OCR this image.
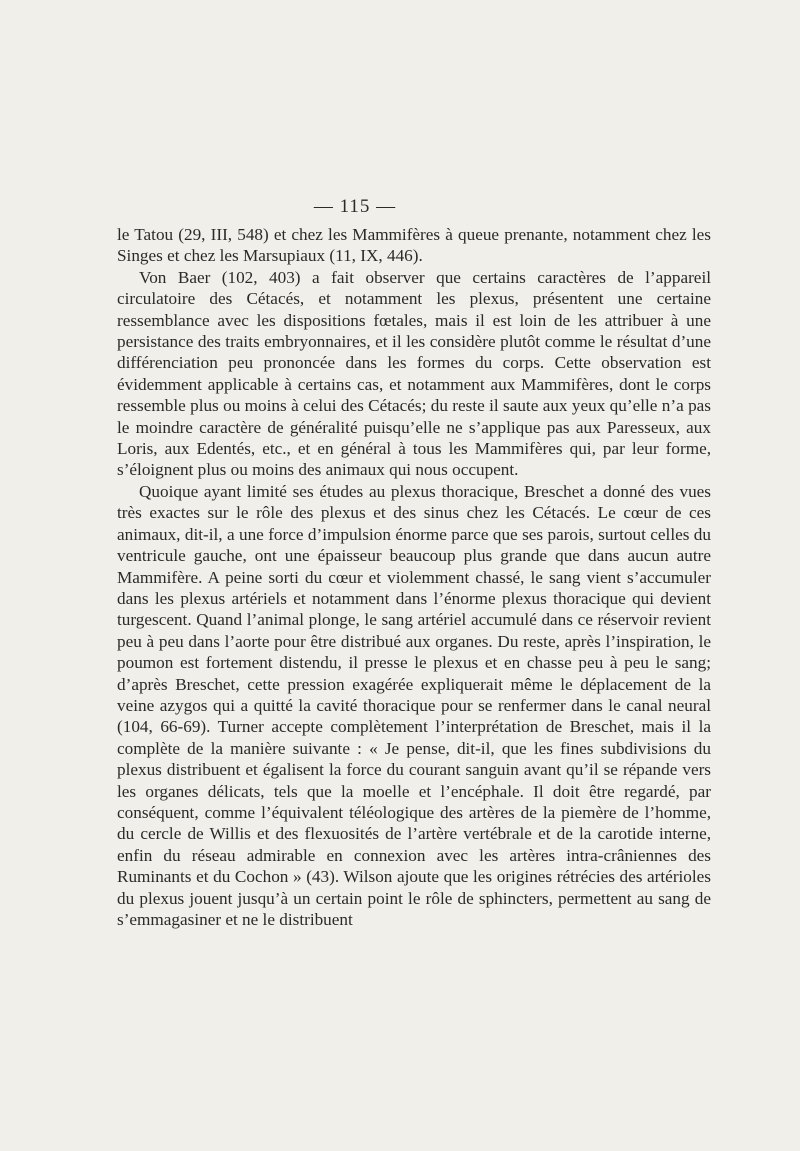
— 115 —

le Tatou (29, III, 548) et chez les Mammifères à queue prenante, notamment chez les Singes et chez les Marsupiaux (11, IX, 446).

Von Baer (102, 403) a fait observer que certains caractères de l’appareil circulatoire des Cétacés, et notamment les plexus, présentent une certaine ressemblance avec les dispositions fœtales, mais il est loin de les attribuer à une persistance des traits embryonnaires, et il les considère plutôt comme le résultat d’une différenciation peu prononcée dans les formes du corps. Cette observation est évidemment applicable à certains cas, et notamment aux Mammifères, dont le corps ressemble plus ou moins à celui des Cétacés; du reste il saute aux yeux qu’elle n’a pas le moindre caractère de généralité puisqu’elle ne s’applique pas aux Paresseux, aux Loris, aux Edentés, etc., et en général à tous les Mammifères qui, par leur forme, s’éloignent plus ou moins des animaux qui nous occupent.

Quoique ayant limité ses études au plexus thoracique, Breschet a donné des vues très exactes sur le rôle des plexus et des sinus chez les Cétacés. Le cœur de ces animaux, dit-il, a une force d’impulsion énorme parce que ses parois, surtout celles du ventricule gauche, ont une épaisseur beaucoup plus grande que dans aucun autre Mammifère. A peine sorti du cœur et violemment chassé, le sang vient s’accumuler dans les plexus artériels et notamment dans l’énorme plexus thoracique qui devient turgescent. Quand l’animal plonge, le sang artériel accumulé dans ce réservoir revient peu à peu dans l’aorte pour être distribué aux organes. Du reste, après l’inspiration, le poumon est fortement distendu, il presse le plexus et en chasse peu à peu le sang; d’après Breschet, cette pression exagérée expliquerait même le déplacement de la veine azygos qui a quitté la cavité thoracique pour se renfermer dans le canal neural (104, 66-69). Turner accepte complètement l’interprétation de Breschet, mais il la complète de la manière suivante : « Je pense, dit-il, que les fines subdivisions du plexus distribuent et égalisent la force du courant sanguin avant qu’il se répande vers les organes délicats, tels que la moelle et l’encéphale. Il doit être regardé, par conséquent, comme l’équivalent téléologique des artères de la piemère de l’homme, du cercle de Willis et des flexuosités de l’artère vertébrale et de la carotide interne, enfin du réseau admirable en connexion avec les artères intra-crâniennes des Ruminants et du Cochon » (43). Wilson ajoute que les origines rétrécies des artérioles du plexus jouent jusqu’à un certain point le rôle de sphincters, permettent au sang de s’emmagasiner et ne le distribuent
